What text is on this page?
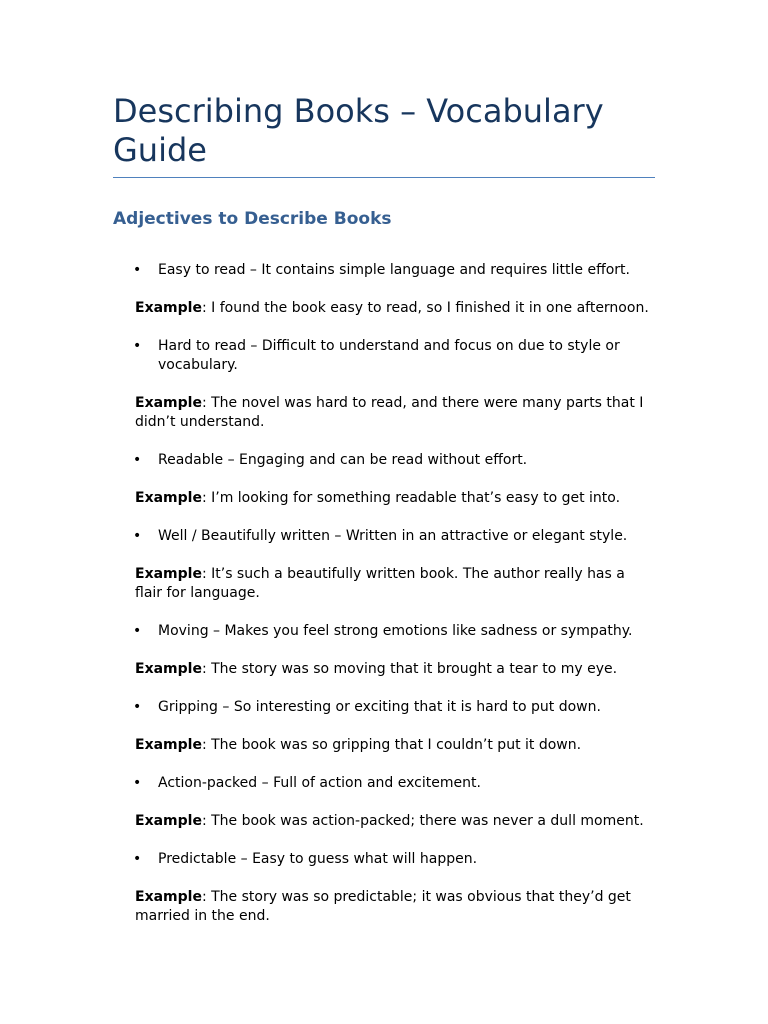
Describing Books – Vocabulary Guide
Adjectives to Describe Books
• Easy to read – It contains simple language and requires little effort.
Example: I found the book easy to read, so I finished it in one afternoon.
• Hard to read – Difficult to understand and focus on due to style or vocabulary.
Example: The novel was hard to read, and there were many parts that I didn’t understand.
• Readable – Engaging and can be read without effort.
Example: I’m looking for something readable that’s easy to get into.
• Well / Beautifully written – Written in an attractive or elegant style.
Example: It’s such a beautifully written book. The author really has a flair for language.
• Moving – Makes you feel strong emotions like sadness or sympathy.
Example: The story was so moving that it brought a tear to my eye.
• Gripping – So interesting or exciting that it is hard to put down.
Example: The book was so gripping that I couldn’t put it down.
• Action-packed – Full of action and excitement.
Example: The book was action-packed; there was never a dull moment.
• Predictable – Easy to guess what will happen.
Example: The story was so predictable; it was obvious that they’d get married in the end.
